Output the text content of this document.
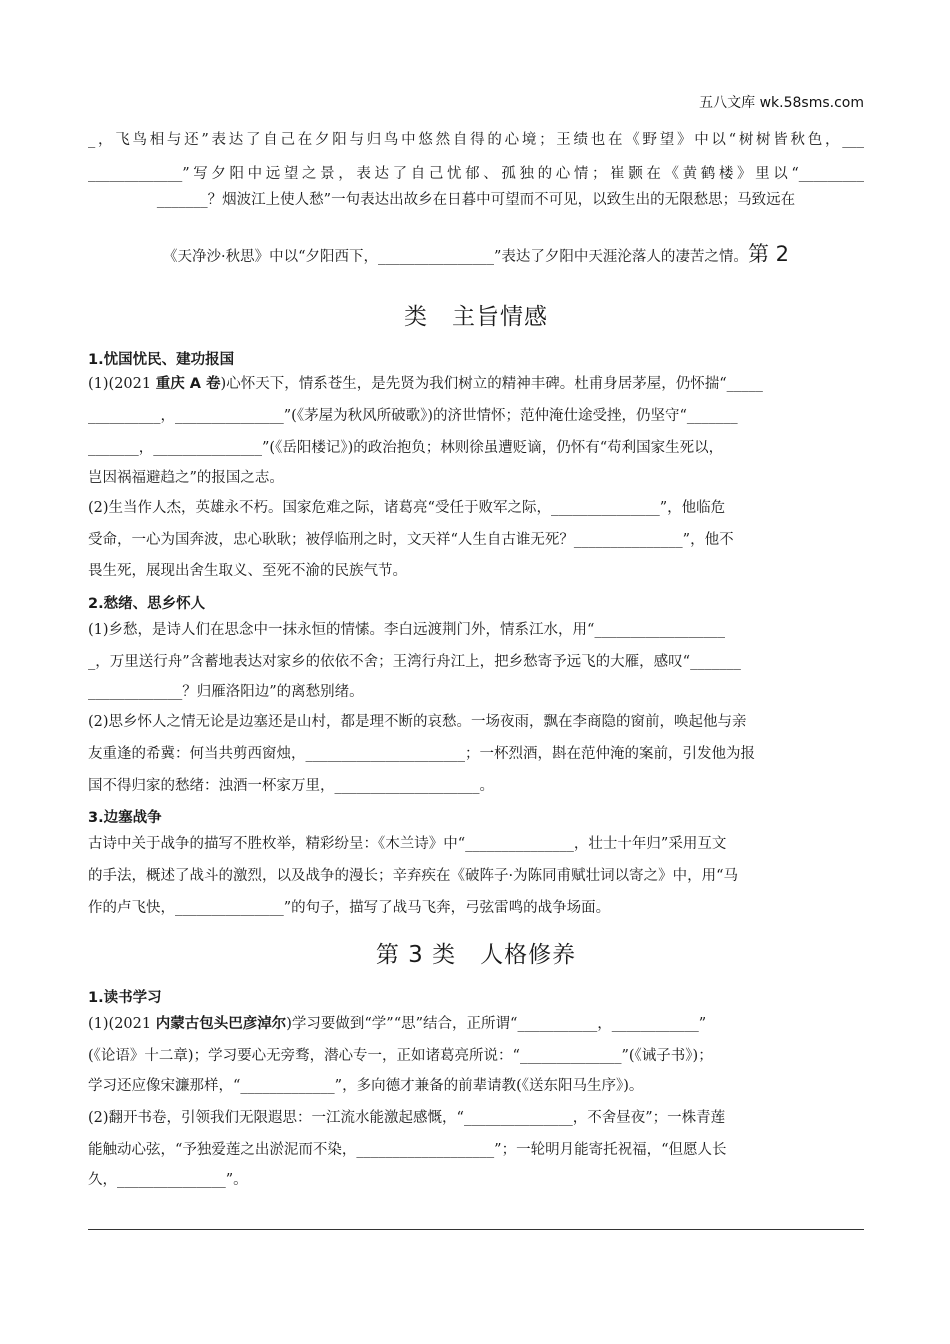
五八文库 wk.58sms.com
_，飞鸟相与还”表达了自己在夕阳与归鸟中悠然自得的心境；王绩也在《野望》中以“树树皆秋色，___
_____________”写夕阳中远望之景，表达了自己忧郁、孤独的心情；崔颢在《黄鹤楼》里以“_________
_______？烟波江上使人愁”一句表达出故乡在日暮中可望而不可见，以致生出的无限愁思；马致远在
《天净沙·秋思》中以“夕阳西下，________________”表达了夕阳中天涯沦落人的凄苦之情。第 2
类　主旨情感
1.忧国忧民、建功报国
(1)(2021 重庆 A 卷)心怀天下，情系苍生，是先贤为我们树立的精神丰碑。杜甫身居茅屋，仍怀揣“_____
__________，_______________”(《茅屋为秋风所破歌》)的济世情怀；范仲淹仕途受挫，仍坚守“_______
_______，_______________”(《岳阳楼记》)的政治抱负；林则徐虽遭贬谪，仍怀有“苟利国家生死以，
岂因祸福避趋之”的报国之志。
(2)生当作人杰，英雄永不朽。国家危难之际，诸葛亮“受任于败军之际，_______________”，他临危
受命，一心为国奔波，忠心耿耿；被俘临刑之时，文天祥“人生自古谁无死？_______________”，他不
畏生死，展现出舍生取义、至死不渝的民族气节。
2.愁绪、思乡怀人
(1)乡愁，是诗人们在思念中一抹永恒的情愫。李白远渡荆门外，情系江水，用“__________________
_，万里送行舟”含蓄地表达对家乡的依依不舍；王湾行舟江上，把乡愁寄予远飞的大雁，感叹“_______
_____________？归雁洛阳边”的离愁别绪。
(2)思乡怀人之情无论是边塞还是山村，都是理不断的哀愁。一场夜雨，飘在李商隐的窗前，唤起他与亲
友重逢的希冀：何当共剪西窗烛，______________________；一杯烈酒，斟在范仲淹的案前，引发他为报
国不得归家的愁绪：浊酒一杯家万里，____________________。
3.边塞战争
古诗中关于战争的描写不胜枚举，精彩纷呈：《木兰诗》中“_______________，壮士十年归”采用互文
的手法，概述了战斗的激烈，以及战争的漫长；辛弃疾在《破阵子·为陈同甫赋壮词以寄之》中，用“马
作的卢飞快，_______________”的句子，描写了战马飞奔，弓弦雷鸣的战争场面。
第 3 类　人格修养
1.读书学习
(1)(2021 内蒙古包头巴彦淖尔)学习要做到“学”“思”结合，正所谓“___________，____________”
(《论语》十二章)；学习要心无旁骛，潜心专一，正如诸葛亮所说：“______________”(《诫子书》)；
学习还应像宋濂那样，“_____________”，多向德才兼备的前辈请教(《送东阳马生序》)。
(2)翻开书卷，引领我们无限遐思：一江流水能激起感慨，“_______________，不舍昼夜”；一株青莲
能触动心弦，“予独爱莲之出淤泥而不染，___________________”；一轮明月能寄托祝福，“但愿人长
久，_______________”。
